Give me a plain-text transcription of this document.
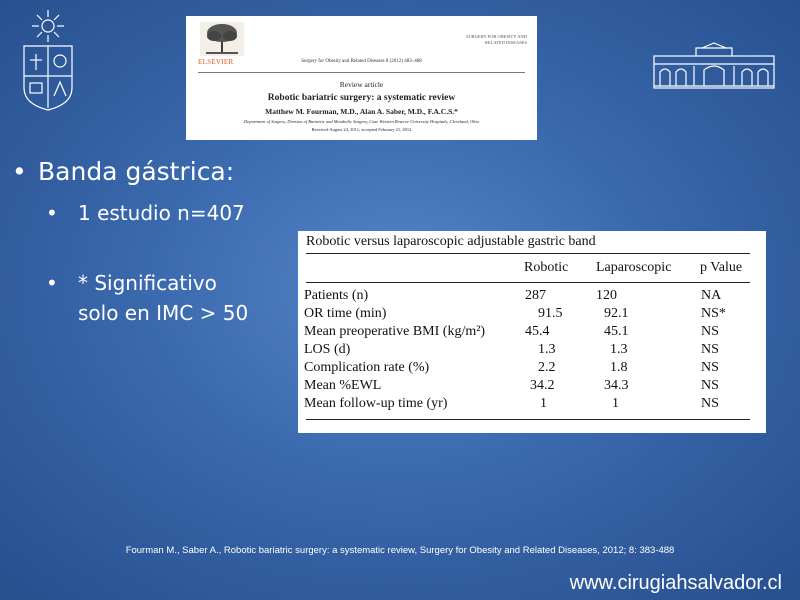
ELSEVIER	Surgery for Obesity and Related Diseases 8 (2012) 483–488
SURGERY FOR OBESITY AND RELATED DISEASES
Review article
Robotic bariatric surgery: a systematic review
Matthew M. Fourman, M.D., Alan A. Saber, M.D., F.A.C.S.*
Department of Surgery, Division of Bariatric and Metabolic Surgery, Case Western Reserve University Hospitals, Cleveland, Ohio
Received August 24, 2011; accepted February 21, 2012
• Banda gástrica:
• 1 estudio n=407
• * Significativo solo en IMC > 50
Robotic versus laparoscopic adjustable gastric band
Robotic Laparoscopic p Value
Patients (n)	287	120	NA
OR time (min)	91.5	92.1	NS*
Mean preoperative BMI (kg/m²)	45.4	45.1	NS
LOS (d)	1.3	1.3	NS
Complication rate (%)	2.2	1.8	NS
Mean %EWL	34.2	34.3	NS
Mean follow-up time (yr)	1	1	NS
Fourman M., Saber A., Robotic bariatric surgery: a systematic review, Surgery for Obesity and Related Diseases, 2012; 8: 383-488
www.cirugiahsalvador.cl
